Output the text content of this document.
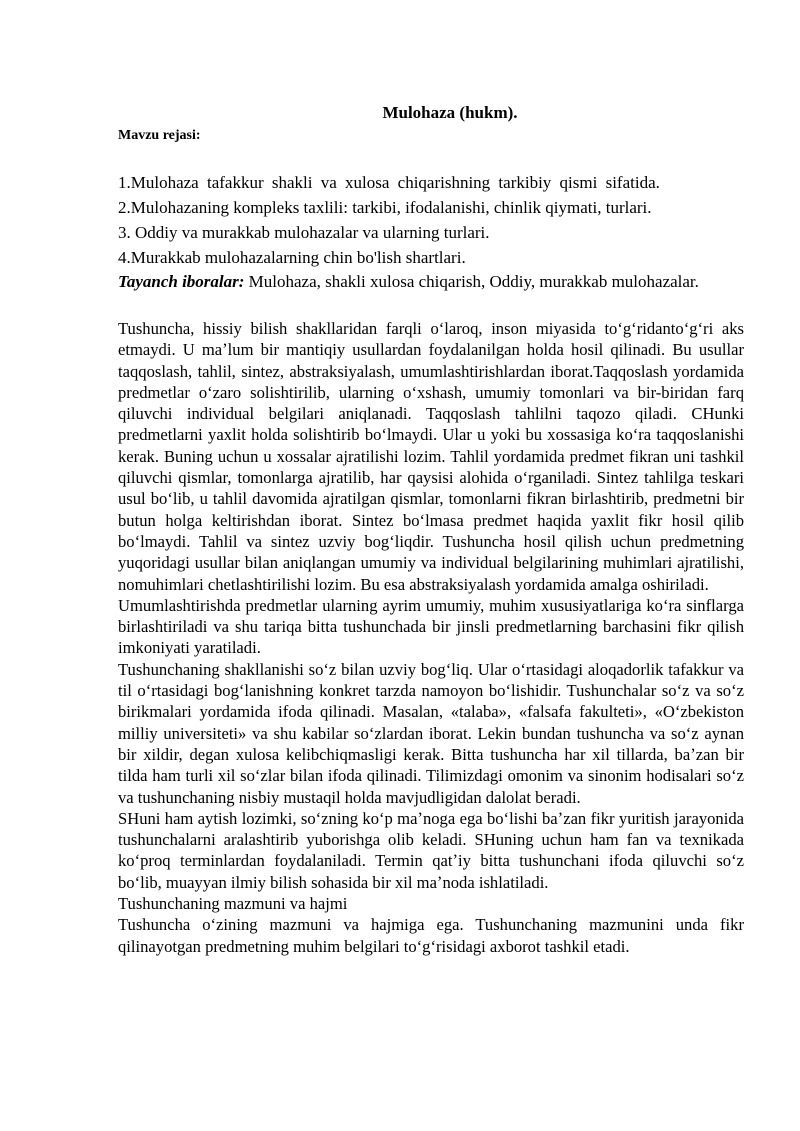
Mulohaza (hukm).
Mavzu rejasi:
1.Mulohaza tafakkur shakli va xulosa chiqarishning tarkibiy qismi sifatida.
2.Mulohazaning kompleks taxlili: tarkibi, ifodalanishi, chinlik qiymati, turlari.
3. Oddiy va murakkab mulohazalar va ularning turlari.
4.Murakkab mulohazalarning chin bo'lish shartlari.
Tayanch iboralar: Mulohaza, shakli xulosa chiqarish, Oddiy, murakkab mulohazalar.

Tushuncha, hissiy bilish shakllaridan farqli oʻlaroq, inson miyasida toʻgʻridantoʻgʻri aks etmaydi. U maʼlum bir mantiqiy usullardan foydalanilgan holda hosil qilinadi. Bu usullar taqqoslash, tahlil, sintez, abstraksiyalash, umumlashtirishlardan iborat.Taqqoslash yordamida predmetlar oʻzaro solishtirilib, ularning oʻxshash, umumiy tomonlari va bir-biridan farq qiluvchi individual belgilari aniqlanadi. Taqqoslash tahlilni taqozo qiladi. CHunki predmetlarni yaxlit holda solishtirib boʻlmaydi. Ular u yoki bu xossasiga koʻra taqqoslanishi kerak. Buning uchun u xossalar ajratilishi lozim. Tahlil yordamida predmet fikran uni tashkil qiluvchi qismlar, tomonlarga ajratilib, har qaysisi alohida oʻrganiladi. Sintez tahlilga teskari usul boʻlib, u tahlil davomida ajratilgan qismlar, tomonlarni fikran birlashtirib, predmetni bir butun holga keltirishdan iborat. Sintez boʻlmasa predmet haqida yaxlit fikr hosil qilib boʻlmaydi. Tahlil va sintez uzviy bogʻliqdir. Tushuncha hosil qilish uchun predmetning yuqoridagi usullar bilan aniqlangan umumiy va individual belgilarining muhimlari ajratilishi, nomuhimlari chetlashtirilishi lozim. Bu esa abstraksiyalash yordamida amalga oshiriladi.

Umumlashtirishda predmetlar ularning ayrim umumiy, muhim xususiyatlariga koʻra sinflarga birlashtiriladi va shu tariqa bitta tushunchada bir jinsli predmetlarning barchasini fikr qilish imkoniyati yaratiladi.

Tushunchaning shakllanishi soʻz bilan uzviy bogʻliq. Ular oʻrtasidagi aloqadorlik tafakkur va til oʻrtasidagi bogʻlanishning konkret tarzda namoyon boʻlishidir. Tushunchalar soʻz va soʻz birikmalari yordamida ifoda qilinadi. Masalan, «talaba», «falsafa fakulteti», «Oʻzbekiston milliy universiteti» va shu kabilar soʻzlardan iborat. Lekin bundan tushuncha va soʻz aynan bir xildir, degan xulosa kelibchiqmasligi kerak. Bitta tushuncha har xil tillarda, baʼzan bir tilda ham turli xil soʻzlar bilan ifoda qilinadi. Tilimizdagi omonim va sinonim hodisalari soʻz va tushunchaning nisbiy mustaqil holda mavjudligidan dalolat beradi.

SHuni ham aytish lozimki, soʻzning koʻp maʼnoga ega boʻlishi baʼzan fikr yuritish jarayonida tushunchalarni aralashtirib yuborishga olib keladi. SHuning uchun ham fan va texnikada koʻproq terminlardan foydalaniladi. Termin qatʼiy bitta tushunchani ifoda qiluvchi soʻz boʻlib, muayyan ilmiy bilish sohasida bir xil maʼnoda ishlatiladi.

Tushunchaning mazmuni va hajmi

Tushuncha oʻzining mazmuni va hajmiga ega. Tushunchaning mazmunini unda fikr qilinayotgan predmetning muhim belgilari toʻgʻrisidagi axborot tashkil etadi.
